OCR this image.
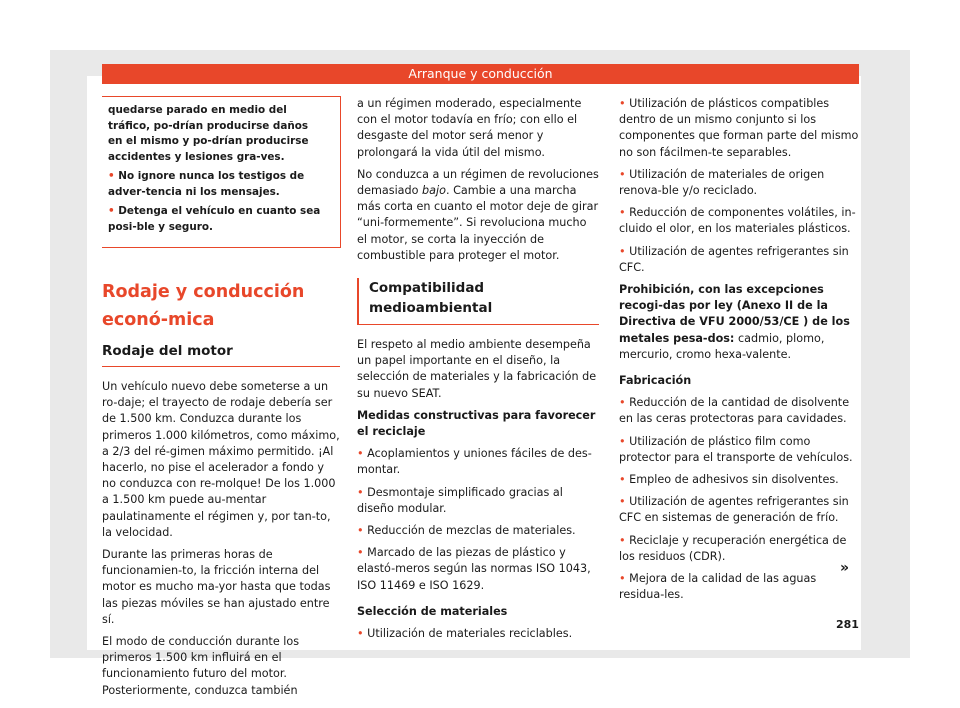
Arranque y conducción

quedarse parado en medio del tráfico, po-drían producirse daños en el mismo y po-drían producirse accidentes y lesiones gra-ves.

• No ignore nunca los testigos de adver-tencia ni los mensajes.

• Detenga el vehículo en cuanto sea posi-ble y seguro.

Rodaje y conducción econó-mica
Rodaje del motor

Un vehículo nuevo debe someterse a un ro-daje; el trayecto de rodaje debería ser de 1.500 km. Conduzca durante los primeros 1.000 kilómetros, como máximo, a 2/3 del ré-gimen máximo permitido. ¡Al hacerlo, no pise el acelerador a fondo y no conduzca con re-molque! De los 1.000 a 1.500 km puede au-mentar paulatinamente el régimen y, por tan-to, la velocidad.

Durante las primeras horas de funcionamien-to, la fricción interna del motor es mucho ma-yor hasta que todas las piezas móviles se han ajustado entre sí.

El modo de conducción durante los primeros 1.500 km influirá en el funcionamiento futuro del motor. Posteriormente, conduzca también

a un régimen moderado, especialmente con el motor todavía en frío; con ello el desgaste del motor será menor y prolongará la vida útil del mismo.

No conduzca a un régimen de revoluciones demasiado bajo. Cambie a una marcha más corta en cuanto el motor deje de girar “uni-formemente”. Si revoluciona mucho el motor, se corta la inyección de combustible para proteger el motor.

Compatibilidad medioambiental

El respeto al medio ambiente desempeña un papel importante en el diseño, la selección de materiales y la fabricación de su nuevo SEAT.

Medidas constructivas para favorecer el reciclaje

• Acoplamientos y uniones fáciles de des-montar.

• Desmontaje simplificado gracias al diseño modular.

• Reducción de mezclas de materiales.

• Marcado de las piezas de plástico y elastó-meros según las normas ISO 1043, ISO 11469 e ISO 1629.

Selección de materiales

• Utilización de materiales reciclables.

• Utilización de plásticos compatibles dentro de un mismo conjunto si los componentes que forman parte del mismo no son fácilmen-te separables.

• Utilización de materiales de origen renova-ble y/o reciclado.

• Reducción de componentes volátiles, in-cluido el olor, en los materiales plásticos.

• Utilización de agentes refrigerantes sin CFC.

Prohibición, con las excepciones recogi-das por ley (Anexo II de la Directiva de VFU 2000/53/CE ) de los metales pesa-dos: cadmio, plomo, mercurio, cromo hexa-valente.

Fabricación

• Reducción de la cantidad de disolvente en las ceras protectoras para cavidades.

• Utilización de plástico film como protector para el transporte de vehículos.

• Empleo de adhesivos sin disolventes.

• Utilización de agentes refrigerantes sin CFC en sistemas de generación de frío.

• Reciclaje y recuperación energética de los residuos (CDR).

• Mejora de la calidad de las aguas residua-les.

»
281
